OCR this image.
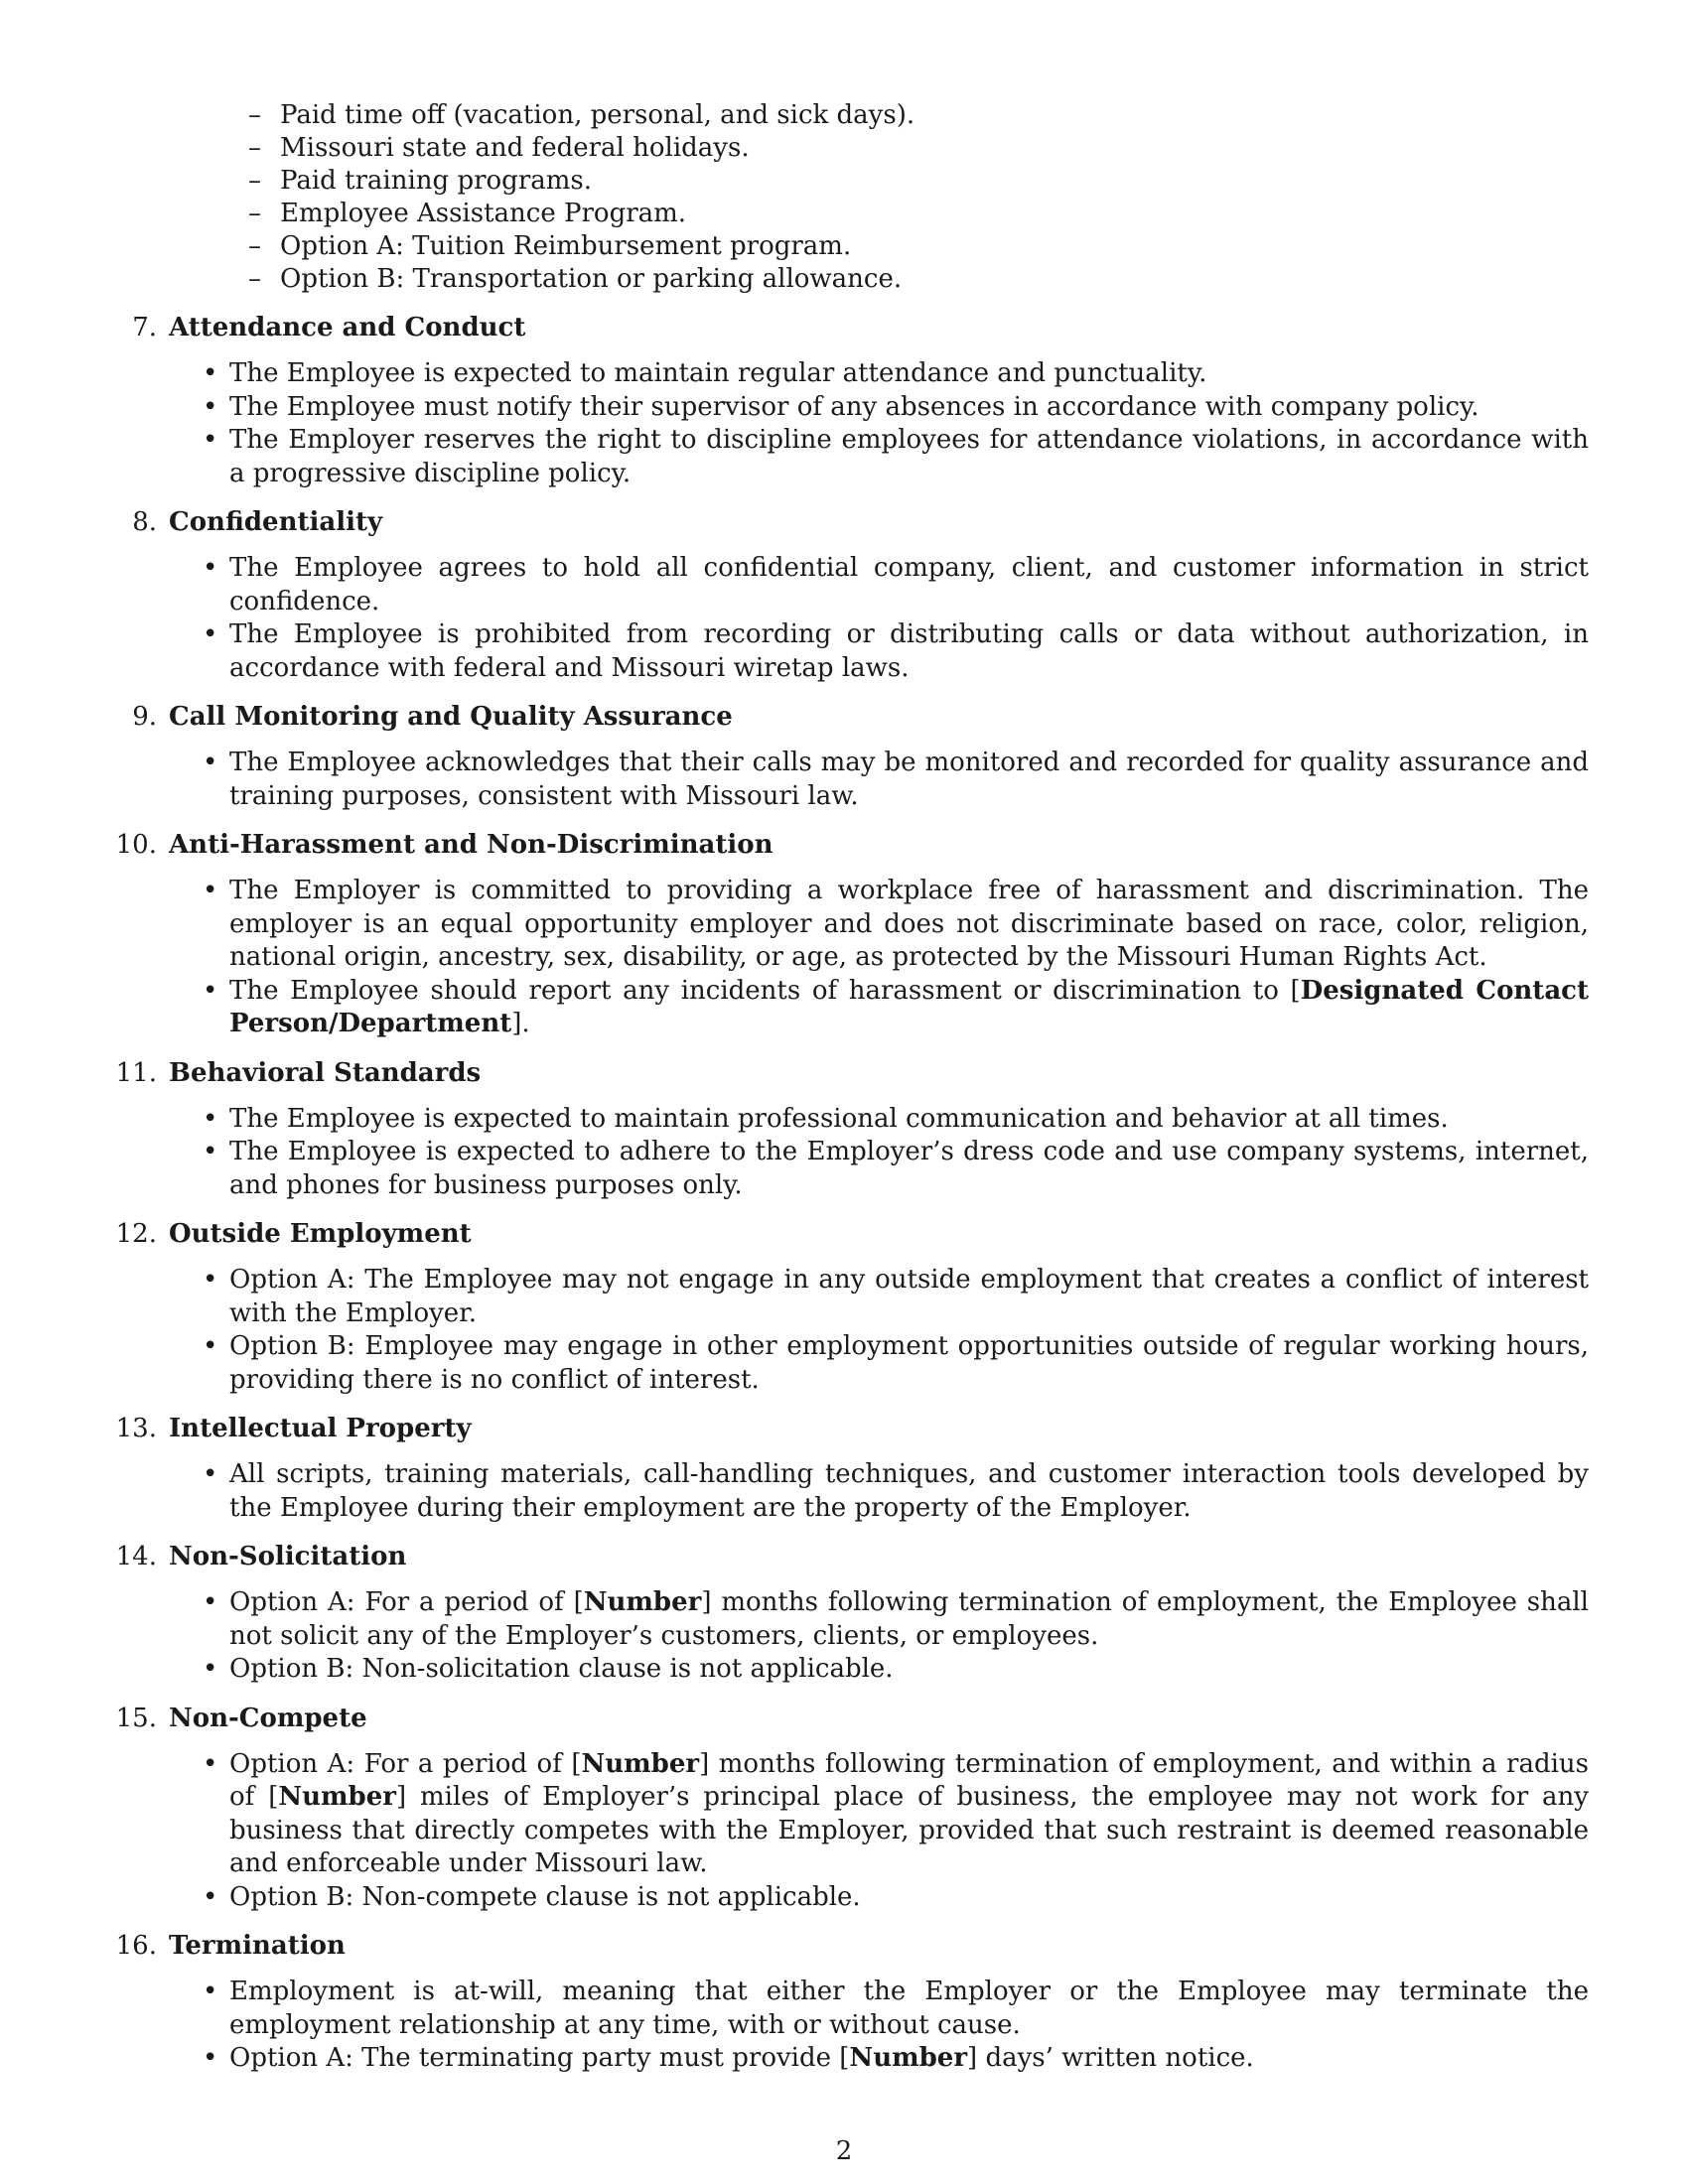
– Paid time off (vacation, personal, and sick days).
– Missouri state and federal holidays.
– Paid training programs.
– Employee Assistance Program.
– Option A: Tuition Reimbursement program.
– Option B: Transportation or parking allowance.
7. Attendance and Conduct
• The Employee is expected to maintain regular attendance and punctuality.
• The Employee must notify their supervisor of any absences in accordance with company policy.
• The Employer reserves the right to discipline employees for attendance violations, in accordance with a progressive discipline policy.
8. Confidentiality
• The Employee agrees to hold all confidential company, client, and customer information in strict confidence.
• The Employee is prohibited from recording or distributing calls or data without authorization, in accordance with federal and Missouri wiretap laws.
9. Call Monitoring and Quality Assurance
• The Employee acknowledges that their calls may be monitored and recorded for quality assurance and training purposes, consistent with Missouri law.
10. Anti-Harassment and Non-Discrimination
• The Employer is committed to providing a workplace free of harassment and discrimination. The employer is an equal opportunity employer and does not discriminate based on race, color, religion, national origin, ancestry, sex, disability, or age, as protected by the Missouri Human Rights Act.
• The Employee should report any incidents of harassment or discrimination to [Designated Contact Person/Department].
11. Behavioral Standards
• The Employee is expected to maintain professional communication and behavior at all times.
• The Employee is expected to adhere to the Employer’s dress code and use company systems, internet, and phones for business purposes only.
12. Outside Employment
• Option A: The Employee may not engage in any outside employment that creates a conflict of interest with the Employer.
• Option B: Employee may engage in other employment opportunities outside of regular working hours, providing there is no conflict of interest.
13. Intellectual Property
• All scripts, training materials, call-handling techniques, and customer interaction tools developed by the Employee during their employment are the property of the Employer.
14. Non-Solicitation
• Option A: For a period of [Number] months following termination of employment, the Employee shall not solicit any of the Employer’s customers, clients, or employees.
• Option B: Non-solicitation clause is not applicable.
15. Non-Compete
• Option A: For a period of [Number] months following termination of employment, and within a radius of [Number] miles of Employer’s principal place of business, the employee may not work for any business that directly competes with the Employer, provided that such restraint is deemed reasonable and enforceable under Missouri law.
• Option B: Non-compete clause is not applicable.
16. Termination
• Employment is at-will, meaning that either the Employer or the Employee may terminate the employment relationship at any time, with or without cause.
• Option A: The terminating party must provide [Number] days’ written notice.
2
